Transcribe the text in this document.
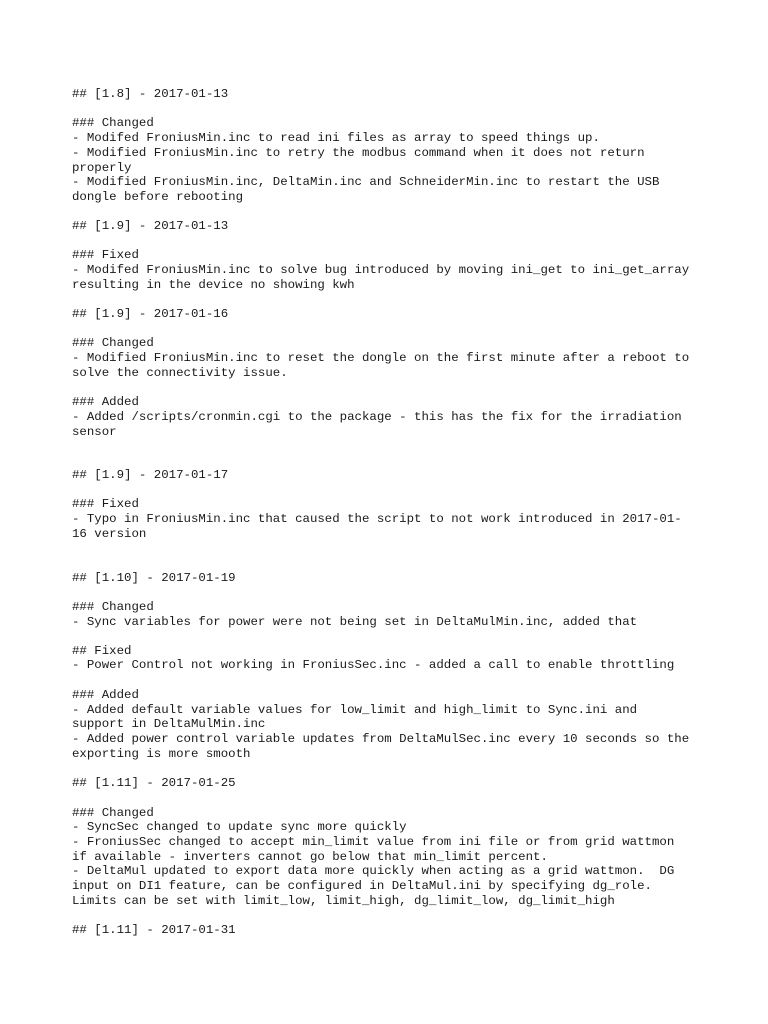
## [1.8] - 2017-01-13

### Changed

- Modifed FroniusMin.inc to read ini files as array to speed things up.

- Modified FroniusMin.inc to retry the modbus command when it does not return

properly

- Modified FroniusMin.inc, DeltaMin.inc and SchneiderMin.inc to restart the USB

dongle before rebooting

## [1.9] - 2017-01-13

### Fixed

- Modifed FroniusMin.inc to solve bug introduced by moving ini_get to ini_get_array

resulting in the device no showing kwh

## [1.9] - 2017-01-16

### Changed

- Modified FroniusMin.inc to reset the dongle on the first minute after a reboot to

solve the connectivity issue.

### Added

- Added /scripts/cronmin.cgi to the package - this has the fix for the irradiation

sensor

## [1.9] - 2017-01-17

### Fixed

- Typo in FroniusMin.inc that caused the script to not work introduced in 2017-01-

16 version

## [1.10] - 2017-01-19

### Changed

- Sync variables for power were not being set in DeltaMulMin.inc, added that

## Fixed

- Power Control not working in FroniusSec.inc - added a call to enable throttling

### Added

- Added default variable values for low_limit and high_limit to Sync.ini and

support in DeltaMulMin.inc

- Added power control variable updates from DeltaMulSec.inc every 10 seconds so the

exporting is more smooth

## [1.11] - 2017-01-25

### Changed

- SyncSec changed to update sync more quickly

- FroniusSec changed to accept min_limit value from ini file or from grid wattmon

if available - inverters cannot go below that min_limit percent.

- DeltaMul updated to export data more quickly when acting as a grid wattmon.  DG

input on DI1 feature, can be configured in DeltaMul.ini by specifying dg_role.

Limits can be set with limit_low, limit_high, dg_limit_low, dg_limit_high

## [1.11] - 2017-01-31
